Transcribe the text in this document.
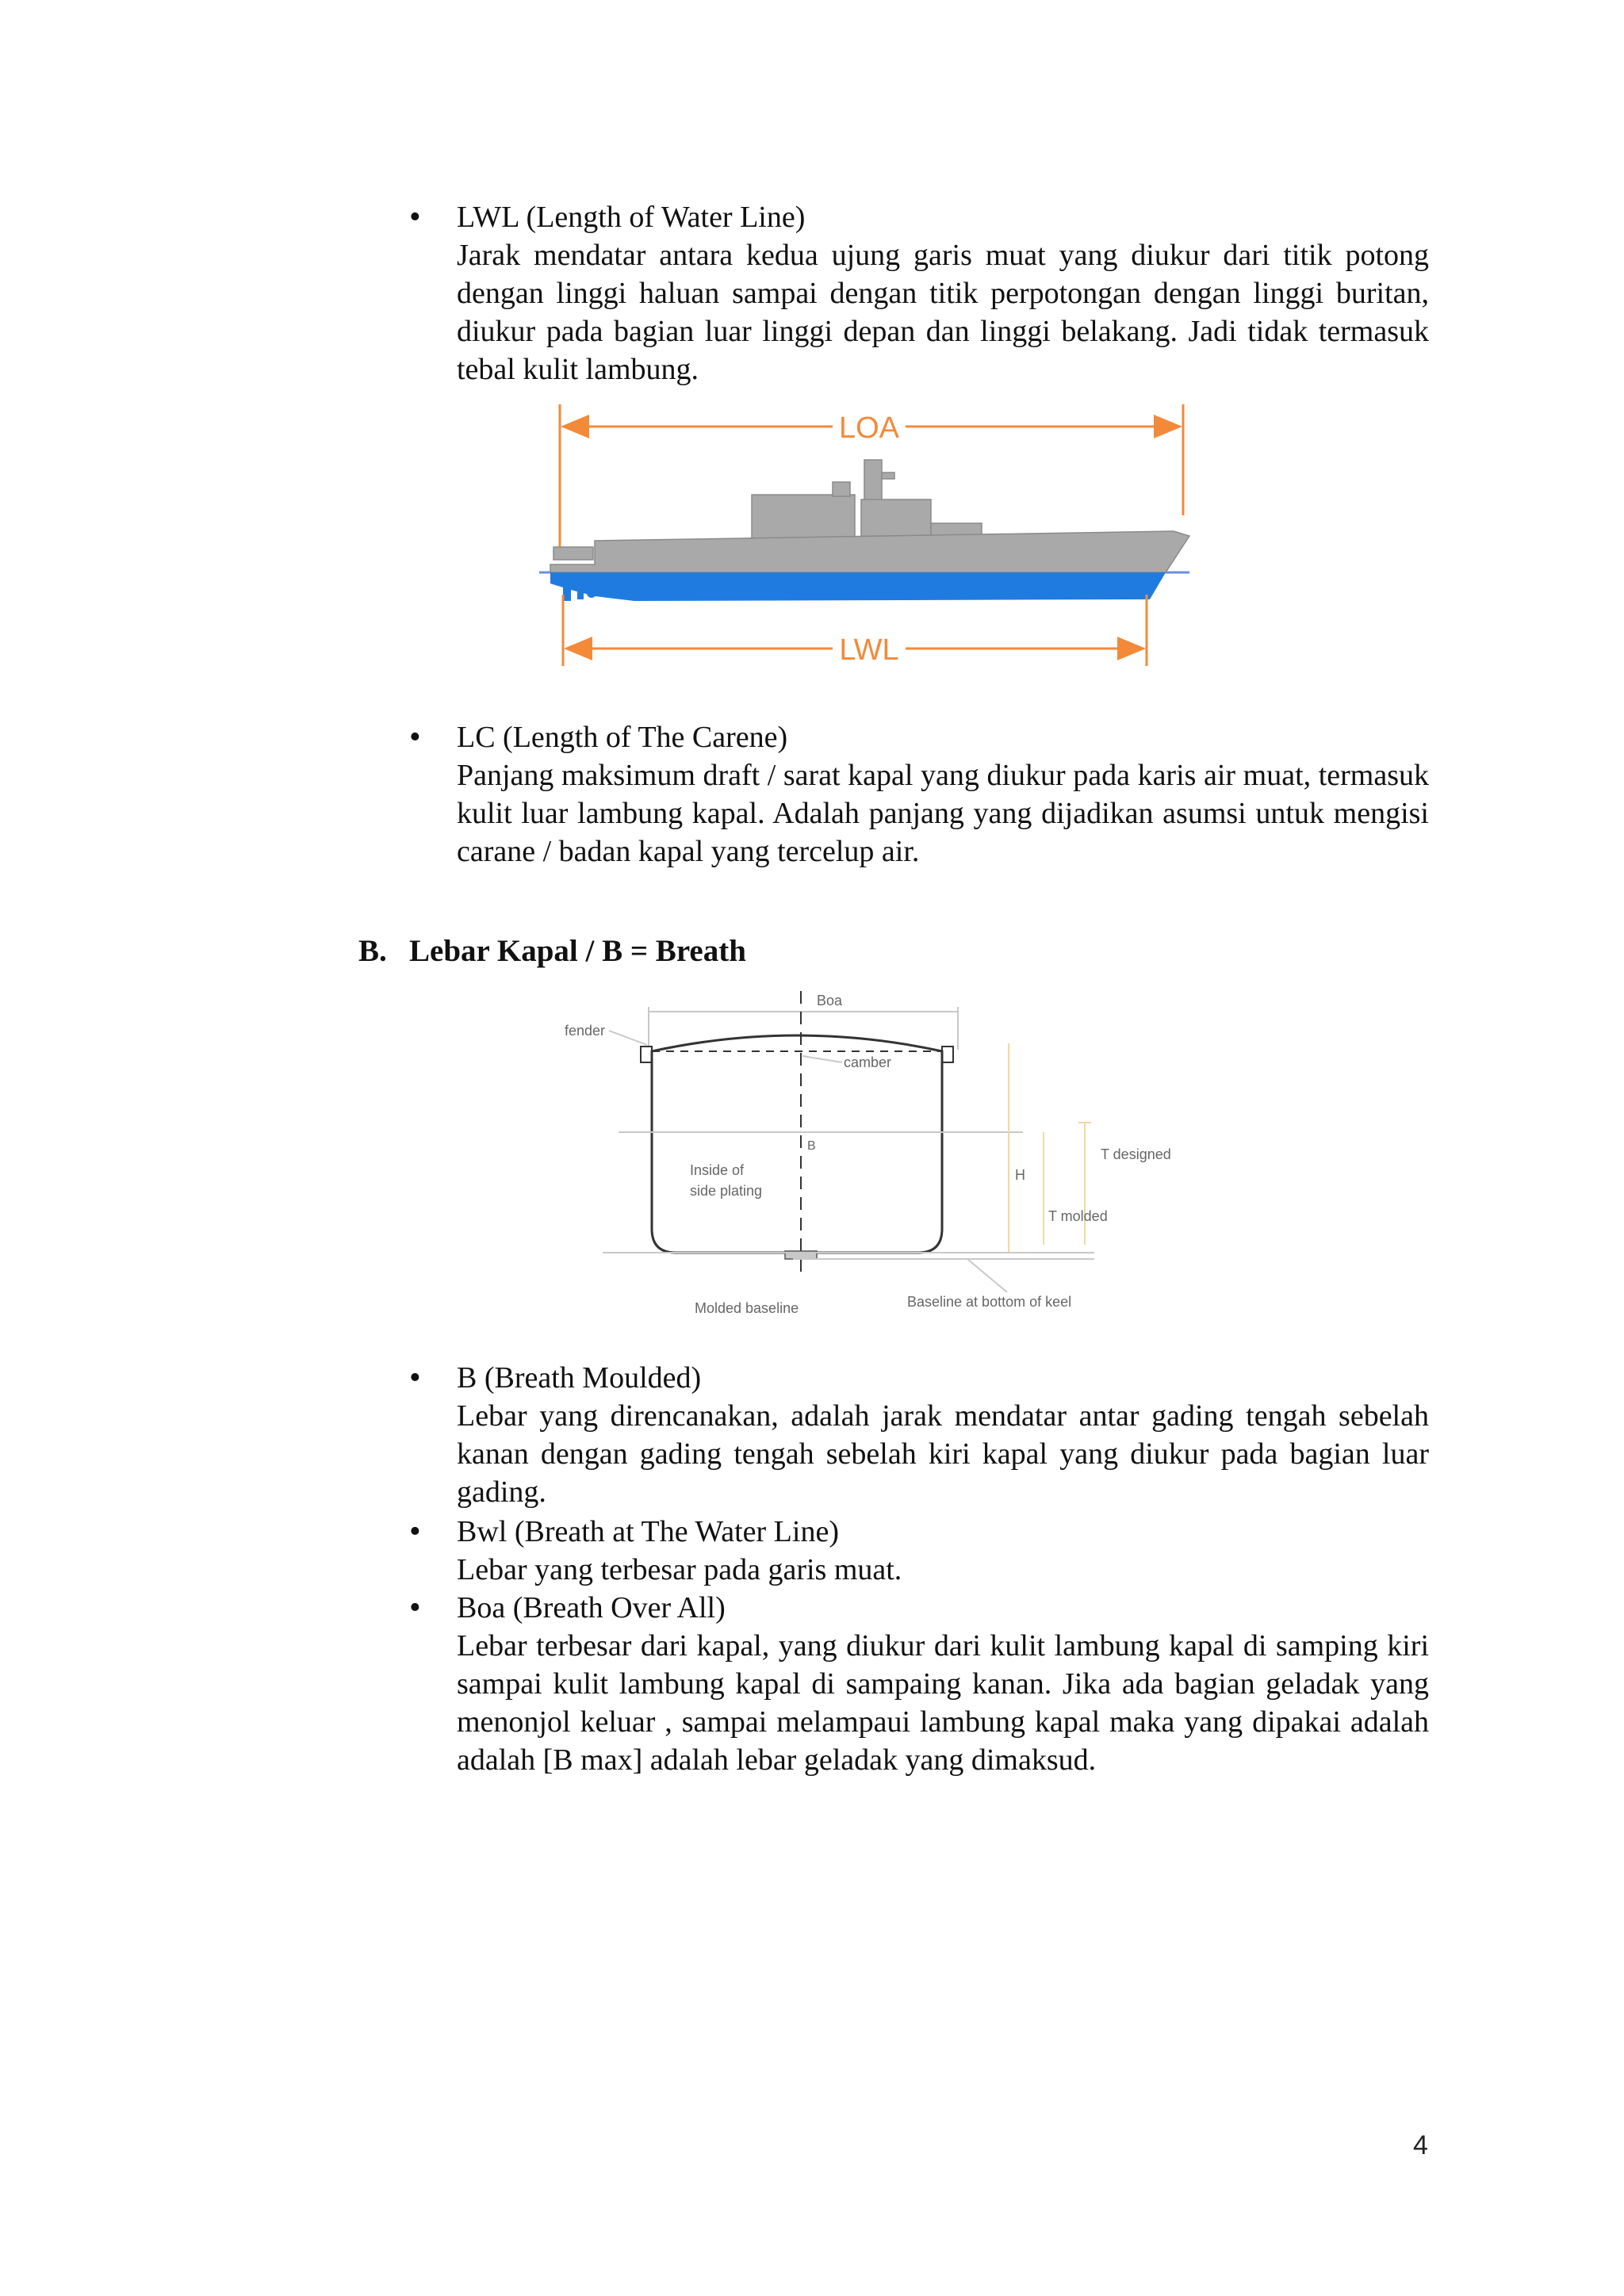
• LWL (Length of Water Line)
Jarak mendatar antara kedua ujung garis muat yang diukur dari titik potong dengan linggi haluan sampai dengan titik perpotongan dengan linggi buritan, diukur pada bagian luar linggi depan dan linggi belakang. Jadi tidak termasuk tebal kulit lambung.
LOA
LWL
• LC (Length of The Carene)
Panjang maksimum draft / sarat kapal yang diukur pada karis air muat, termasuk kulit luar lambung kapal. Adalah panjang yang dijadikan asumsi untuk mengisi carane / badan kapal yang tercelup air.
B. Lebar Kapal / B = Breath
Boa
fender
camber
B
Inside of
side plating
H
T designed
T molded
Molded baseline	Baseline at bottom of keel
• B (Breath Moulded)
Lebar yang direncanakan, adalah jarak mendatar antar gading tengah sebelah kanan dengan gading tengah sebelah kiri kapal yang diukur pada bagian luar gading.
• Bwl (Breath at The Water Line)
Lebar yang terbesar pada garis muat.
• Boa (Breath Over All)
Lebar terbesar dari kapal, yang diukur dari kulit lambung kapal di samping kiri sampai kulit lambung kapal di sampaing kanan. Jika ada bagian geladak yang menonjol keluar , sampai melampaui lambung kapal maka yang dipakai adalah adalah [B max] adalah lebar geladak yang dimaksud.
4
